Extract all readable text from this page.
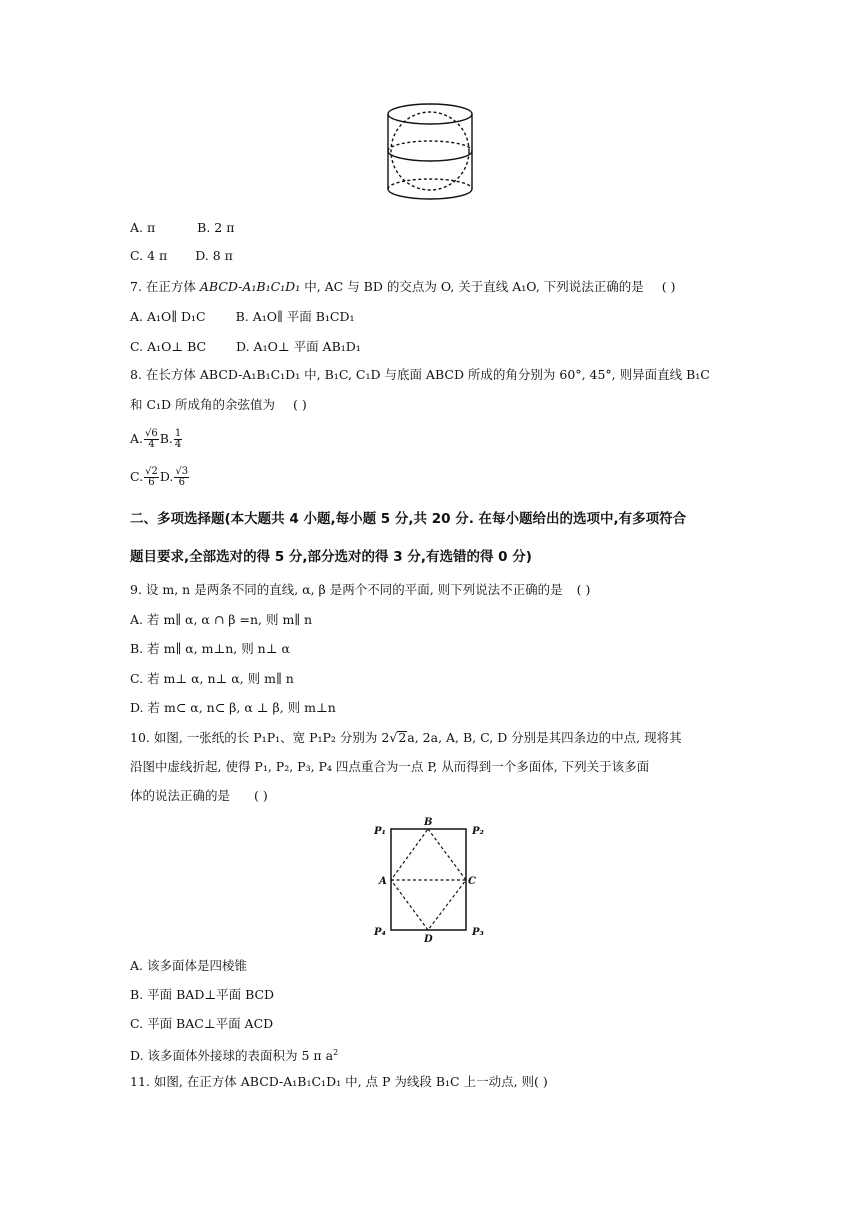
A. π	B. 2 π
C. 4 π D. 8 π
7. 在正方体 ABCD-A₁B₁C₁D₁ 中, AC 与 BD 的交点为 O, 关于直线 A₁O, 下列说法正确的是 ( )
A. A₁O∥ D₁C B. A₁O∥ 平面 B₁CD₁
C. A₁O⊥ BC D. A₁O⊥ 平面 AB₁D₁
8. 在长方体 ABCD-A₁B₁C₁D₁ 中, B₁C, C₁D 与底面 ABCD 所成的角分别为 60°, 45°, 则异面直线 B₁C
和 C₁D 所成角的余弦值为 ( )
A. $\frac{√6}{4} B$. $\frac{1}{4}$
C. $\frac{√2}{6} D$. $\frac{√3}{6}$
二、多项选择题(本大题共 4 小题,每小题 5 分,共 20 分. 在每小题给出的选项中,有多项符合
题目要求,全部选对的得 5 分,部分选对的得 3 分,有选错的得 0 分)
9. 设 m, n 是两条不同的直线, α, β 是两个不同的平面, 则下列说法不正确的是 ( )
A. 若 m∥ α, α ∩ β =n, 则 m∥ n
B. 若 m∥ α, m⊥n, 则 n⊥ α
C. 若 m⊥ α, n⊥ α, 则 m∥ n
D. 若 m⊂ α, n⊂ β, α ⊥ β, 则 m⊥n
10. 如图, 一张纸的长 P₁P₁、宽 P₁P₂ 分别为 2√2a, 2a, A, B, C, D 分别是其四条边的中点, 现将其
沿图中虚线折起, 使得 P₁, P₂, P₃, P₄ 四点重合为一点 P, 从而得到一个多面体, 下列关于该多面
体的说法正确的是 ( )
P₁	P₂
P₃
P₄
B
A	C
D
A. 该多面体是四棱锥
B. 平面 BAD⊥平面 BCD
C. 平面 BAC⊥平面 ACD
D. 该多面体外接球的表面积为 5 π $a^2$
11. 如图, 在正方体 ABCD-A₁B₁C₁D₁ 中, 点 P 为线段 B₁C 上一动点, 则( )
